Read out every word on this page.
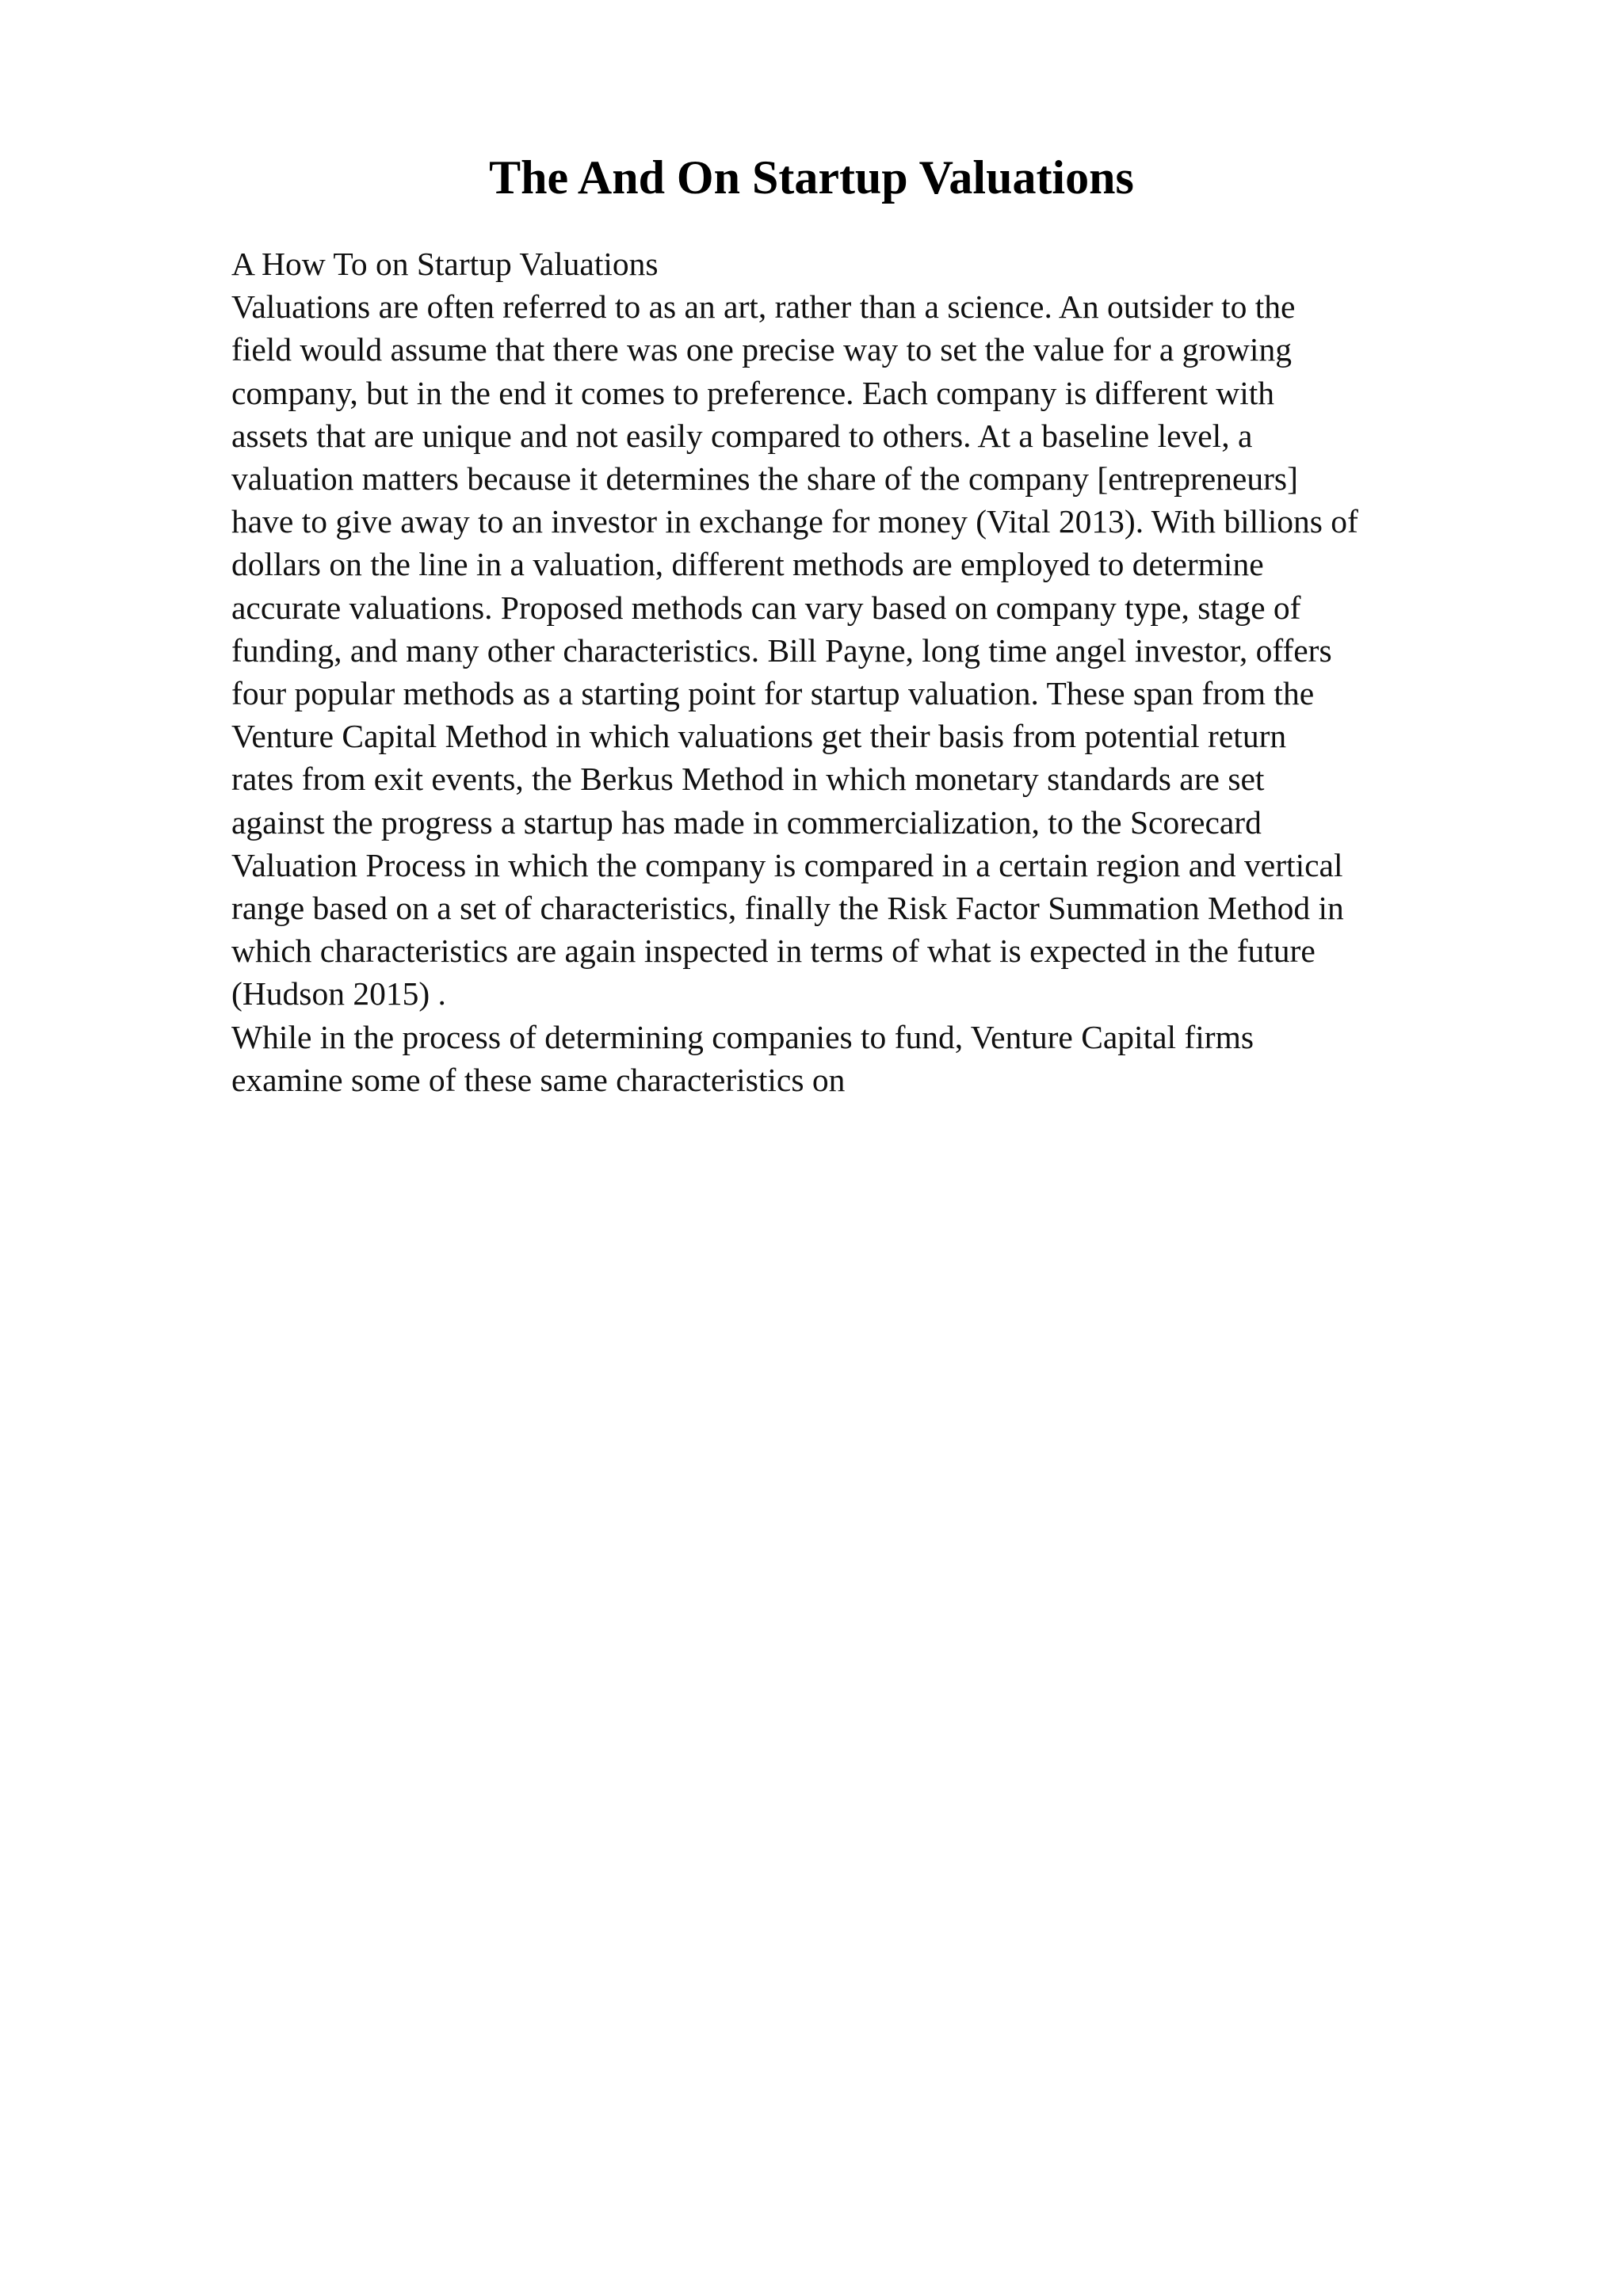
The And On Startup Valuations
A How To on Startup Valuations
Valuations are often referred to as an art, rather than a science. An outsider to the
field would assume that there was one precise way to set the value for a growing
company, but in the end it comes to preference. Each company is different with
assets that are unique and not easily compared to others. At a baseline level, a
valuation matters because it determines the share of the company [entrepreneurs]
have to give away to an investor in exchange for money (Vital 2013). With billions of
dollars on the line in a valuation, different methods are employed to determine
accurate valuations. Proposed methods can vary based on company type, stage of
funding, and many other characteristics. Bill Payne, long time angel investor, offers
four popular methods as a starting point for startup valuation. These span from the
Venture Capital Method in which valuations get their basis from potential return
rates from exit events, the Berkus Method in which monetary standards are set
against the progress a startup has made in commercialization, to the Scorecard
Valuation Process in which the company is compared in a certain region and vertical
range based on a set of characteristics, finally the Risk Factor Summation Method in
which characteristics are again inspected in terms of what is expected in the future
(Hudson 2015) .
While in the process of determining companies to fund, Venture Capital firms
examine some of these same characteristics on
